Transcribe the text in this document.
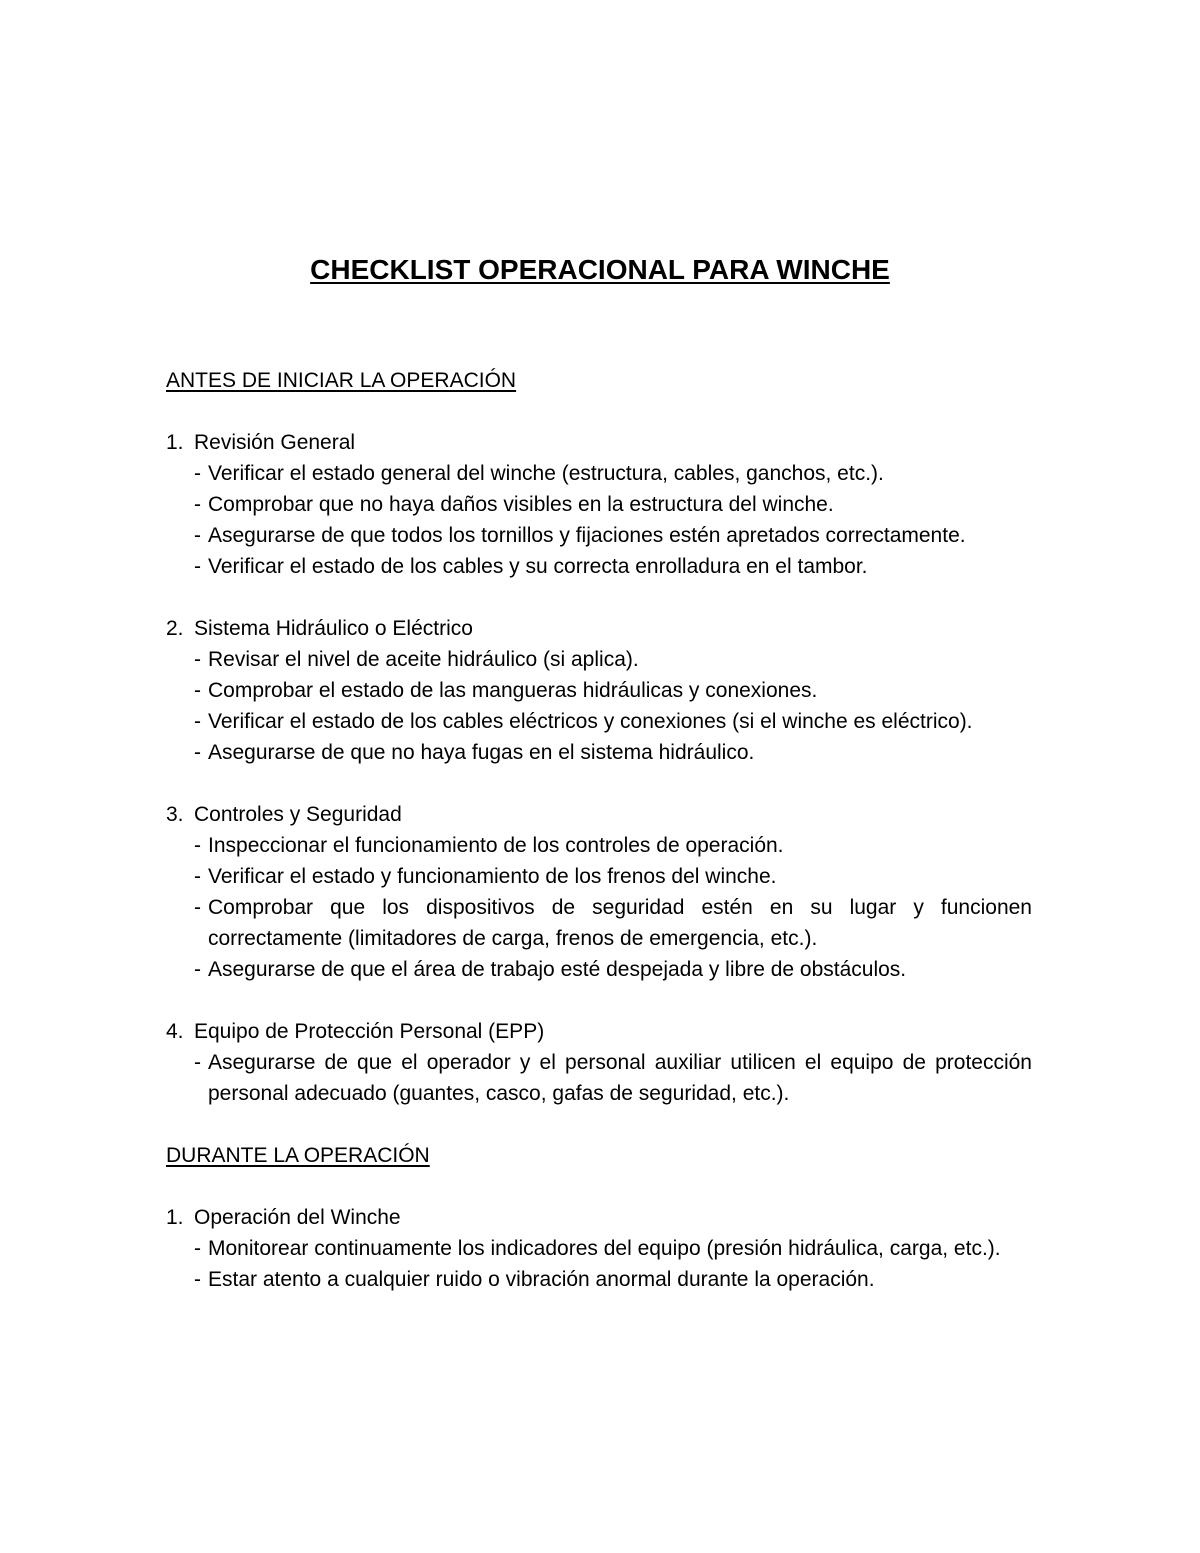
CHECKLIST OPERACIONAL PARA WINCHE

ANTES DE INICIAR LA OPERACIÓN

1. Revisión General
- Verificar el estado general del winche (estructura, cables, ganchos, etc.).
- Comprobar que no haya daños visibles en la estructura del winche.
- Asegurarse de que todos los tornillos y fijaciones estén apretados correctamente.
- Verificar el estado de los cables y su correcta enrolladura en el tambor.
2. Sistema Hidráulico o Eléctrico
- Revisar el nivel de aceite hidráulico (si aplica).
- Comprobar el estado de las mangueras hidráulicas y conexiones.
- Verificar el estado de los cables eléctricos y conexiones (si el winche es eléctrico).
- Asegurarse de que no haya fugas en el sistema hidráulico.
3. Controles y Seguridad
- Inspeccionar el funcionamiento de los controles de operación.
- Verificar el estado y funcionamiento de los frenos del winche.
- Comprobar que los dispositivos de seguridad estén en su lugar y funcionen correctamente (limitadores de carga, frenos de emergencia, etc.).
- Asegurarse de que el área de trabajo esté despejada y libre de obstáculos.
4. Equipo de Protección Personal (EPP)
- Asegurarse de que el operador y el personal auxiliar utilicen el equipo de protección personal adecuado (guantes, casco, gafas de seguridad, etc.).

DURANTE LA OPERACIÓN

1. Operación del Winche
- Monitorear continuamente los indicadores del equipo (presión hidráulica, carga, etc.).
- Estar atento a cualquier ruido o vibración anormal durante la operación.
